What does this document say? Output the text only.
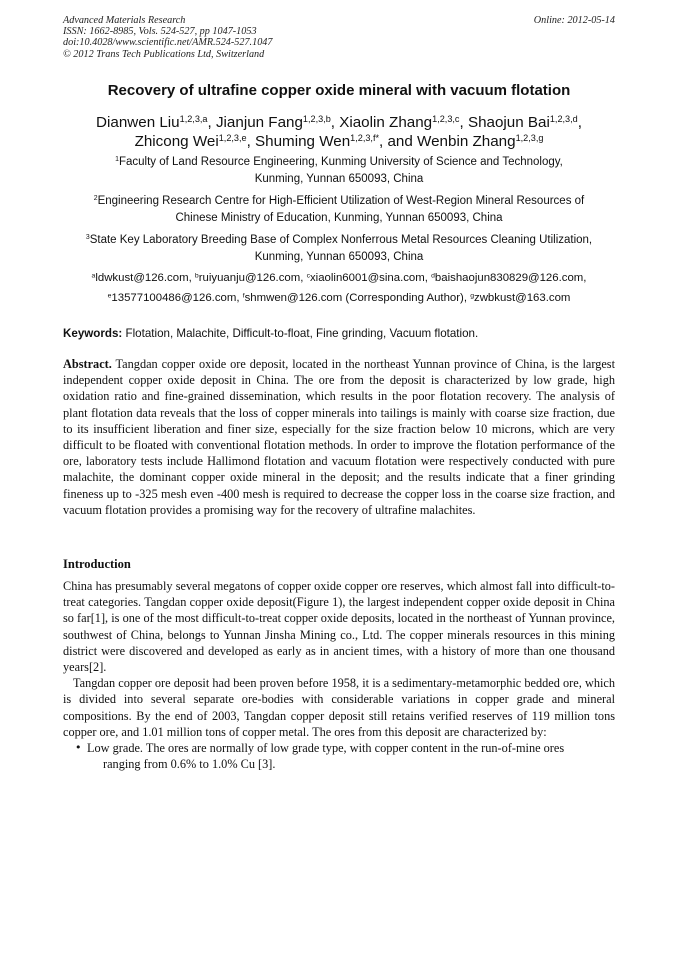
Advanced Materials Research
ISSN: 1662-8985, Vols. 524-527, pp 1047-1053
doi:10.4028/www.scientific.net/AMR.524-527.1047
© 2012 Trans Tech Publications Ltd, Switzerland
Online: 2012-05-14
Recovery of ultrafine copper oxide mineral with vacuum flotation
Dianwen Liu$^{1,2,3,a}$, Jianjun Fang$^{1,2,3,b}$, Xiaolin Zhang$^{1,2,3,c}$, Shaojun Bai$^{1,2,3,d}$,
Zhicong Wei$^{1,2,3,e}$, Shuming Wen$^{1,2,3,f*}$, and Wenbin Zhang$^{1,2,3,g}$
$^1$Faculty of Land Resource Engineering, Kunming University of Science and Technology,
Kunming, Yunnan 650093, China
$^2$Engineering Research Centre for High-Efficient Utilization of West-Region Mineral Resources of
Chinese Ministry of Education, Kunming, Yunnan 650093, China
$^3$State Key Laboratory Breeding Base of Complex Nonferrous Metal Resources Cleaning Utilization,
Kunming, Yunnan 650093, China
$^a$ldwkust@126.com, $^b$ruiyuanju@126.com, $^c$xiaolin6001@sina.com, $^d$baishaojun830829@126.com,
$^e$13577100486@126.com, $^f$shmwen@126.com (Corresponding Author), $^g$zwbkust@163.com
Keywords: Flotation, Malachite, Difficult-to-float, Fine grinding, Vacuum flotation.
Abstract. Tangdan copper oxide ore deposit, located in the northeast Yunnan province of China, is the largest independent copper oxide deposit in China. The ore from the deposit is characterized by low grade, high oxidation ratio and fine-grained dissemination, which results in the poor flotation recovery. The analysis of plant flotation data reveals that the loss of copper minerals into tailings is mainly with coarse size fraction, due to its insufficient liberation and finer size, especially for the size fraction below 10 microns, which are very difficult to be floated with conventional flotation methods. In order to improve the flotation performance of the ore, laboratory tests include Hallimond flotation and vacuum flotation were respectively conducted with pure malachite, the dominant copper oxide mineral in the deposit; and the results indicate that a finer grinding fineness up to -325 mesh even -400 mesh is required to decrease the copper loss in the coarse size fraction, and vacuum flotation provides a promising way for the recovery of ultrafine malachites.
Introduction

China has presumably several megatons of copper oxide copper ore reserves, which almost fall into difficult-to-treat categories. Tangdan copper oxide deposit(Figure 1), the largest independent copper oxide deposit in China so far[1], is one of the most difficult-to-treat copper oxide deposits, located in the northeast of Yunnan province, southwest of China, belongs to Yunnan Jinsha Mining co., Ltd. The copper minerals resources in this mining district were discovered and developed as early as in ancient times, with a history of more than one thousand years[2].

Tangdan copper ore deposit had been proven before 1958, it is a sedimentary-metamorphic bedded ore, which is divided into several separate ore-bodies with considerable variations in copper grade and mineral compositions. By the end of 2003, Tangdan copper deposit still retains verified reserves of 119 million tons copper ore, and 1.01 million tons of copper metal. The ores from this deposit are characterized by:

• Low grade. The ores are normally of low grade type, with copper content in the run-of-mine ores
ranging from 0.6% to 1.0% Cu [3].
